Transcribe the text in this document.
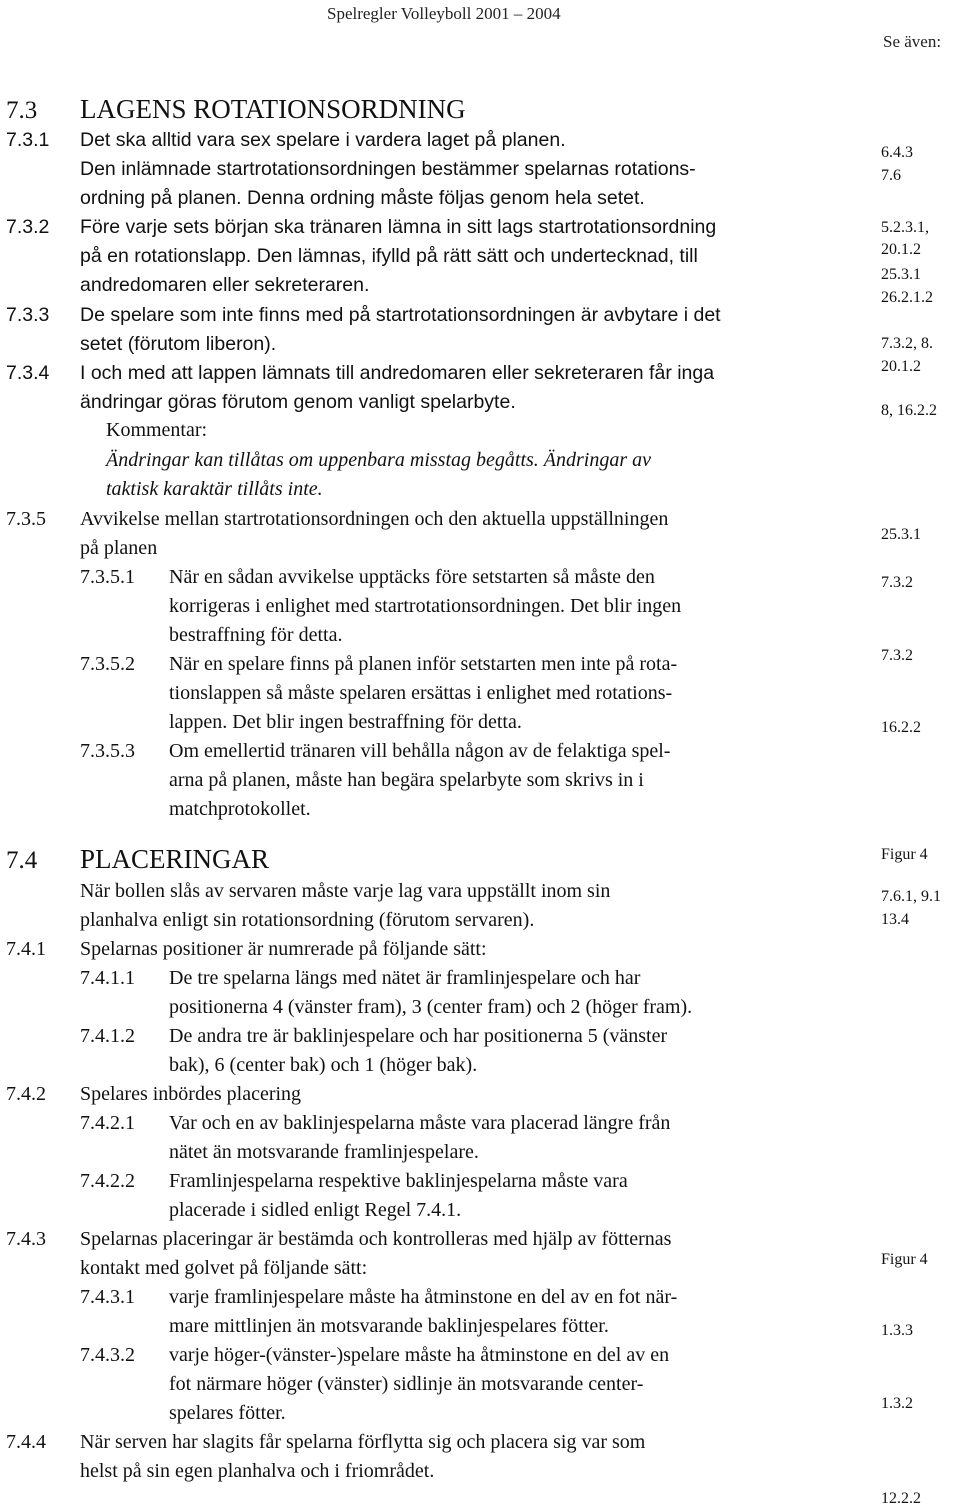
Spelregler Volleyboll 2001 – 2004
Se även:
7.3 LAGENS ROTATIONSORDNING
7.3.1 Det ska alltid vara sex spelare i vardera laget på planen.
Den inlämnade startrotationsordningen bestämmer spelarnas rotations-
ordning på planen. Denna ordning måste följas genom hela setet.
7.3.2 Före varje sets början ska tränaren lämna in sitt lags startrotationsordning
på en rotationslapp. Den lämnas, ifylld på rätt sätt och undertecknad, till
andredomaren eller sekreteraren.
7.3.3 De spelare som inte finns med på startrotationsordningen är avbytare i det
setet (förutom liberon).
7.3.4 I och med att lappen lämnats till andredomaren eller sekreteraren får inga
ändringar göras förutom genom vanligt spelarbyte.
Kommentar:
Ändringar kan tillåtas om uppenbara misstag begåtts. Ändringar av
taktisk karaktär tillåts inte.
7.3.5 Avvikelse mellan startrotationsordningen och den aktuella uppställningen
på planen
7.3.5.1 När en sådan avvikelse upptäcks före setstarten så måste den
korrigeras i enlighet med startrotationsordningen. Det blir ingen
bestraffning för detta.
7.3.5.2 När en spelare finns på planen inför setstarten men inte på rota-
tionslappen så måste spelaren ersättas i enlighet med rotations-
lappen. Det blir ingen bestraffning för detta.
7.3.5.3 Om emellertid tränaren vill behålla någon av de felaktiga spel-
arna på planen, måste han begära spelarbyte som skrivs in i
matchprotokollet.
7.4 PLACERINGAR
När bollen slås av servaren måste varje lag vara uppställt inom sin
planhalva enligt sin rotationsordning (förutom servaren).
7.4.1 Spelarnas positioner är numrerade på följande sätt:
7.4.1.1 De tre spelarna längs med nätet är framlinjespelare och har
positionerna 4 (vänster fram), 3 (center fram) och 2 (höger fram).
7.4.1.2 De andra tre är baklinjespelare och har positionerna 5 (vänster
bak), 6 (center bak) och 1 (höger bak).
7.4.2 Spelares inbördes placering
7.4.2.1 Var och en av baklinjespelarna måste vara placerad längre från
nätet än motsvarande framlinjespelare.
7.4.2.2 Framlinjespelarna respektive baklinjespelarna måste vara
placerade i sidled enligt Regel 7.4.1.
7.4.3 Spelarnas placeringar är bestämda och kontrolleras med hjälp av fötternas
kontakt med golvet på följande sätt:
7.4.3.1 varje framlinjespelare måste ha åtminstone en del av en fot när-
mare mittlinjen än motsvarande baklinjespelares fötter.
7.4.3.2 varje höger-(vänster-)spelare måste ha åtminstone en del av en
fot närmare höger (vänster) sidlinje än motsvarande center-
spelares fötter.
7.4.4 När serven har slagits får spelarna förflytta sig och placera sig var som
helst på sin egen planhalva och i friområdet.
6.4.3
7.6
5.2.3.1,
20.1.2
25.3.1
26.2.1.2
7.3.2, 8.
20.1.2
8, 16.2.2
25.3.1
7.3.2
7.3.2
16.2.2
Figur 4
7.6.1, 9.1
13.4
Figur 4
1.3.3
1.3.2
12.2.2
